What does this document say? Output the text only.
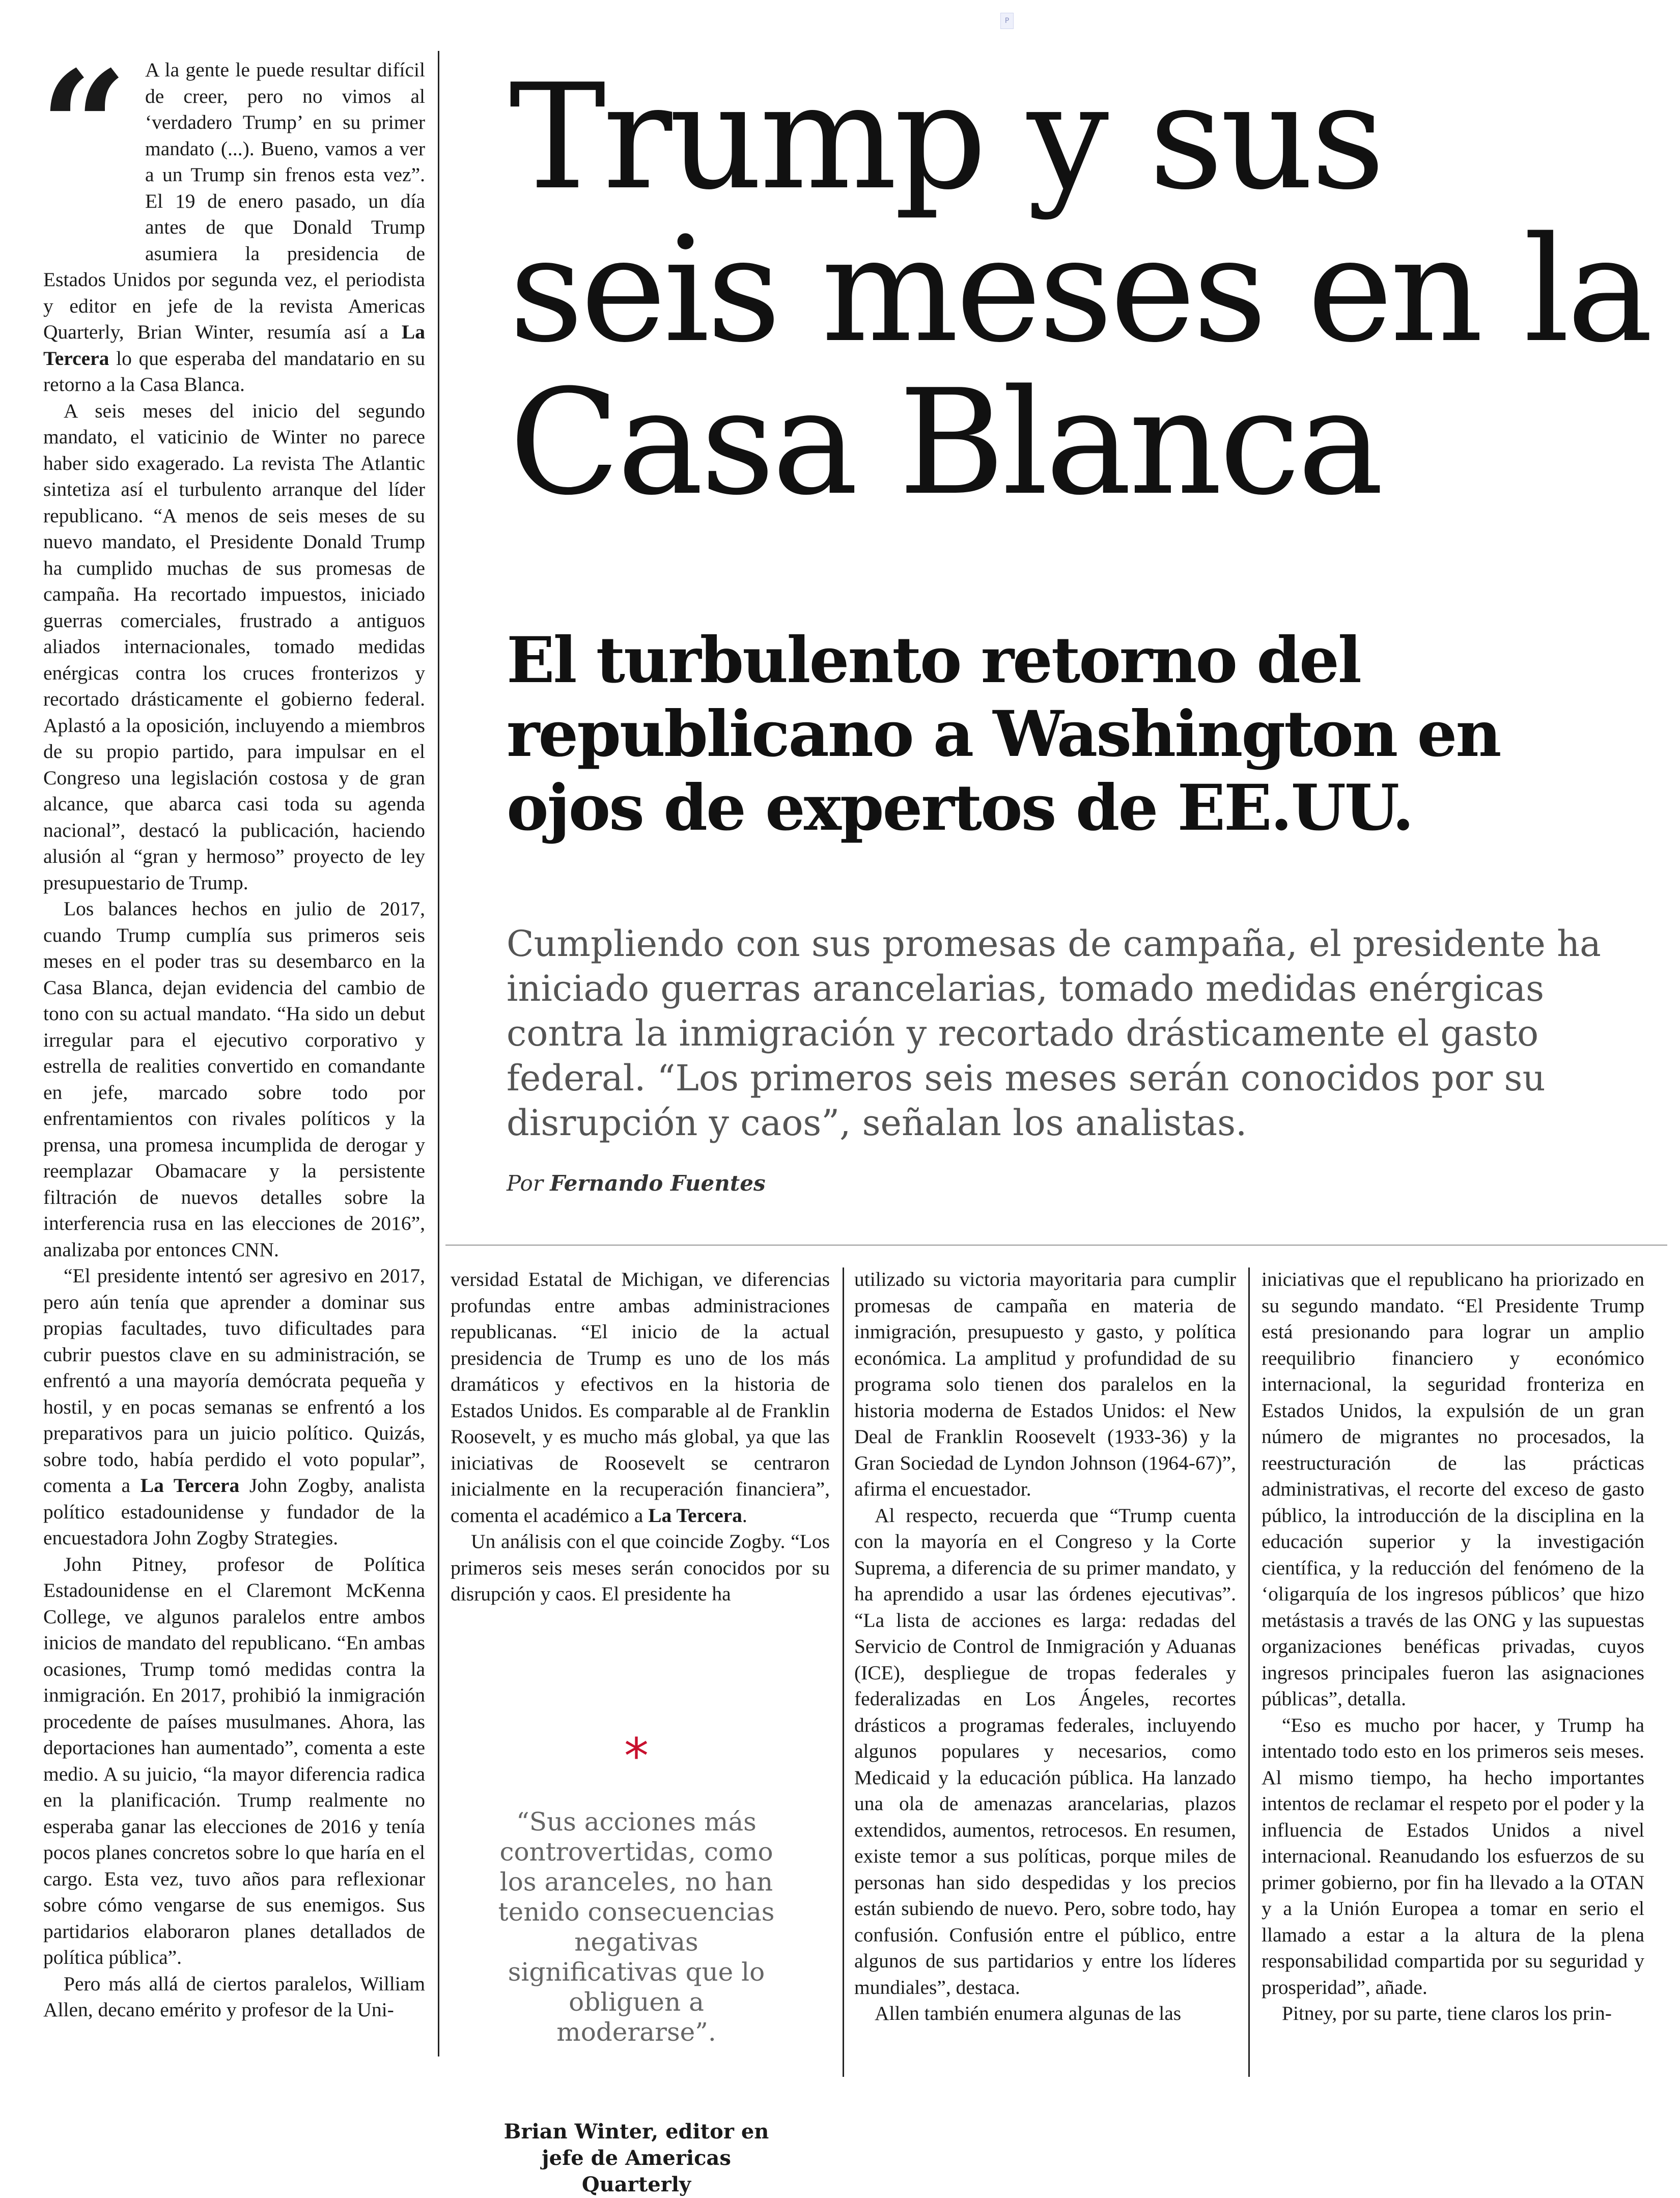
P
“ A la gente le puede resultar difícil de creer, pero no vimos al ‘verdadero Trump’ en su primer mandato (...). Bueno, vamos a ver a un Trump sin frenos esta vez”. El 19 de enero pasado, un día antes de que Donald Trump asumiera la presidencia de Estados Unidos por segunda vez, el periodista y editor en jefe de la revista Americas Quarterly, Brian Winter, resumía así a La Tercera lo que esperaba del mandatario en su retorno a la Casa Blanca.

A seis meses del inicio del segundo mandato, el vaticinio de Winter no parece haber sido exagerado. La revista The Atlantic sintetiza así el turbulento arranque del líder republicano. “A menos de seis meses de su nuevo mandato, el Presidente Donald Trump ha cumplido muchas de sus promesas de campaña. Ha recortado impuestos, iniciado guerras comerciales, frustrado a antiguos aliados internacionales, tomado medidas enérgicas contra los cruces fronterizos y recortado drásticamente el gobierno federal. Aplastó a la oposición, incluyendo a miembros de su propio partido, para impulsar en el Congreso una legislación costosa y de gran alcance, que abarca casi toda su agenda nacional”, destacó la publicación, haciendo alusión al “gran y hermoso” proyecto de ley presupuestario de Trump.

Los balances hechos en julio de 2017, cuando Trump cumplía sus primeros seis meses en el poder tras su desembarco en la Casa Blanca, dejan evidencia del cambio de tono con su actual mandato. “Ha sido un debut irregular para el ejecutivo corporativo y estrella de realities convertido en comandante en jefe, marcado sobre todo por enfrentamientos con rivales políticos y la prensa, una promesa incumplida de derogar y reemplazar Obamacare y la persistente filtración de nuevos detalles sobre la interferencia rusa en las elecciones de 2016”, analizaba por entonces CNN.

“El presidente intentó ser agresivo en 2017, pero aún tenía que aprender a dominar sus propias facultades, tuvo dificultades para cubrir puestos clave en su administración, se enfrentó a una mayoría demócrata pequeña y hostil, y en pocas semanas se enfrentó a los preparativos para un juicio político. Quizás, sobre todo, había perdido el voto popular”, comenta a La Tercera John Zogby, analista político estadounidense y fundador de la encuestadora John Zogby Strategies.

John Pitney, profesor de Política Estadounidense en el Claremont McKenna College, ve algunos paralelos entre ambos inicios de mandato del republicano. “En ambas ocasiones, Trump tomó medidas contra la inmigración. En 2017, prohibió la inmigración procedente de países musulmanes. Ahora, las deportaciones han aumentado”, comenta a este medio. A su juicio, “la mayor diferencia radica en la planificación. Trump realmente no esperaba ganar las elecciones de 2016 y tenía pocos planes concretos sobre lo que haría en el cargo. Esta vez, tuvo años para reflexionar sobre cómo vengarse de sus enemigos. Sus partidarios elaboraron planes detallados de política pública”.

Pero más allá de ciertos paralelos, William Allen, decano emérito y profesor de la Uni-

Trump y sus seis meses en la Casa Blanca
El turbulento retorno del republicano a Washington en ojos de expertos de EE.UU.

Cumpliendo con sus promesas de campaña, el presidente ha iniciado guerras arancelarias, tomado medidas enérgicas contra la inmigración y recortado drásticamente el gasto federal. “Los primeros seis meses serán conocidos por su disrupción y caos”, señalan los analistas.

Por Fernando Fuentes

versidad Estatal de Michigan, ve diferencias profundas entre ambas administraciones republicanas. “El inicio de la actual presidencia de Trump es uno de los más dramáticos y efectivos en la historia de Estados Unidos. Es comparable al de Franklin Roosevelt, y es mucho más global, ya que las iniciativas de Roosevelt se centraron inicialmente en la recuperación financiera”, comenta el académico a La Tercera.

Un análisis con el que coincide Zogby. “Los primeros seis meses serán conocidos por su disrupción y caos. El presidente ha

*
“Sus acciones más controvertidas, como los aranceles, no han tenido consecuencias negativas significativas que lo obliguen a moderarse”.
Brian Winter, editor en jefe de Americas Quarterly

utilizado su victoria mayoritaria para cumplir promesas de campaña en materia de inmigración, presupuesto y gasto, y política económica. La amplitud y profundidad de su programa solo tienen dos paralelos en la historia moderna de Estados Unidos: el New Deal de Franklin Roosevelt (1933-36) y la Gran Sociedad de Lyndon Johnson (1964-67)”, afirma el encuestador.

Al respecto, recuerda que “Trump cuenta con la mayoría en el Congreso y la Corte Suprema, a diferencia de su primer mandato, y ha aprendido a usar las órdenes ejecutivas”. “La lista de acciones es larga: redadas del Servicio de Control de Inmigración y Aduanas (ICE), despliegue de tropas federales y federalizadas en Los Ángeles, recortes drásticos a programas federales, incluyendo algunos populares y necesarios, como Medicaid y la educación pública. Ha lanzado una ola de amenazas arancelarias, plazos extendidos, aumentos, retrocesos. En resumen, existe temor a sus políticas, porque miles de personas han sido despedidas y los precios están subiendo de nuevo. Pero, sobre todo, hay confusión. Confusión entre el público, entre algunos de sus partidarios y entre los líderes mundiales”, destaca.

Allen también enumera algunas de las

iniciativas que el republicano ha priorizado en su segundo mandato. “El Presidente Trump está presionando para lograr un amplio reequilibrio financiero y económico internacional, la seguridad fronteriza en Estados Unidos, la expulsión de un gran número de migrantes no procesados, la reestructuración de las prácticas administrativas, el recorte del exceso de gasto público, la introducción de la disciplina en la educación superior y la investigación científica, y la reducción del fenómeno de la ‘oligarquía de los ingresos públicos’ que hizo metástasis a través de las ONG y las supuestas organizaciones benéficas privadas, cuyos ingresos principales fueron las asignaciones públicas”, detalla.

“Eso es mucho por hacer, y Trump ha intentado todo esto en los primeros seis meses. Al mismo tiempo, ha hecho importantes intentos de reclamar el respeto por el poder y la influencia de Estados Unidos a nivel internacional. Reanudando los esfuerzos de su primer gobierno, por fin ha llevado a la OTAN y a la Unión Europea a tomar en serio el llamado a estar a la altura de la plena responsabilidad compartida por su seguridad y prosperidad”, añade.

Pitney, por su parte, tiene claros los prin-
